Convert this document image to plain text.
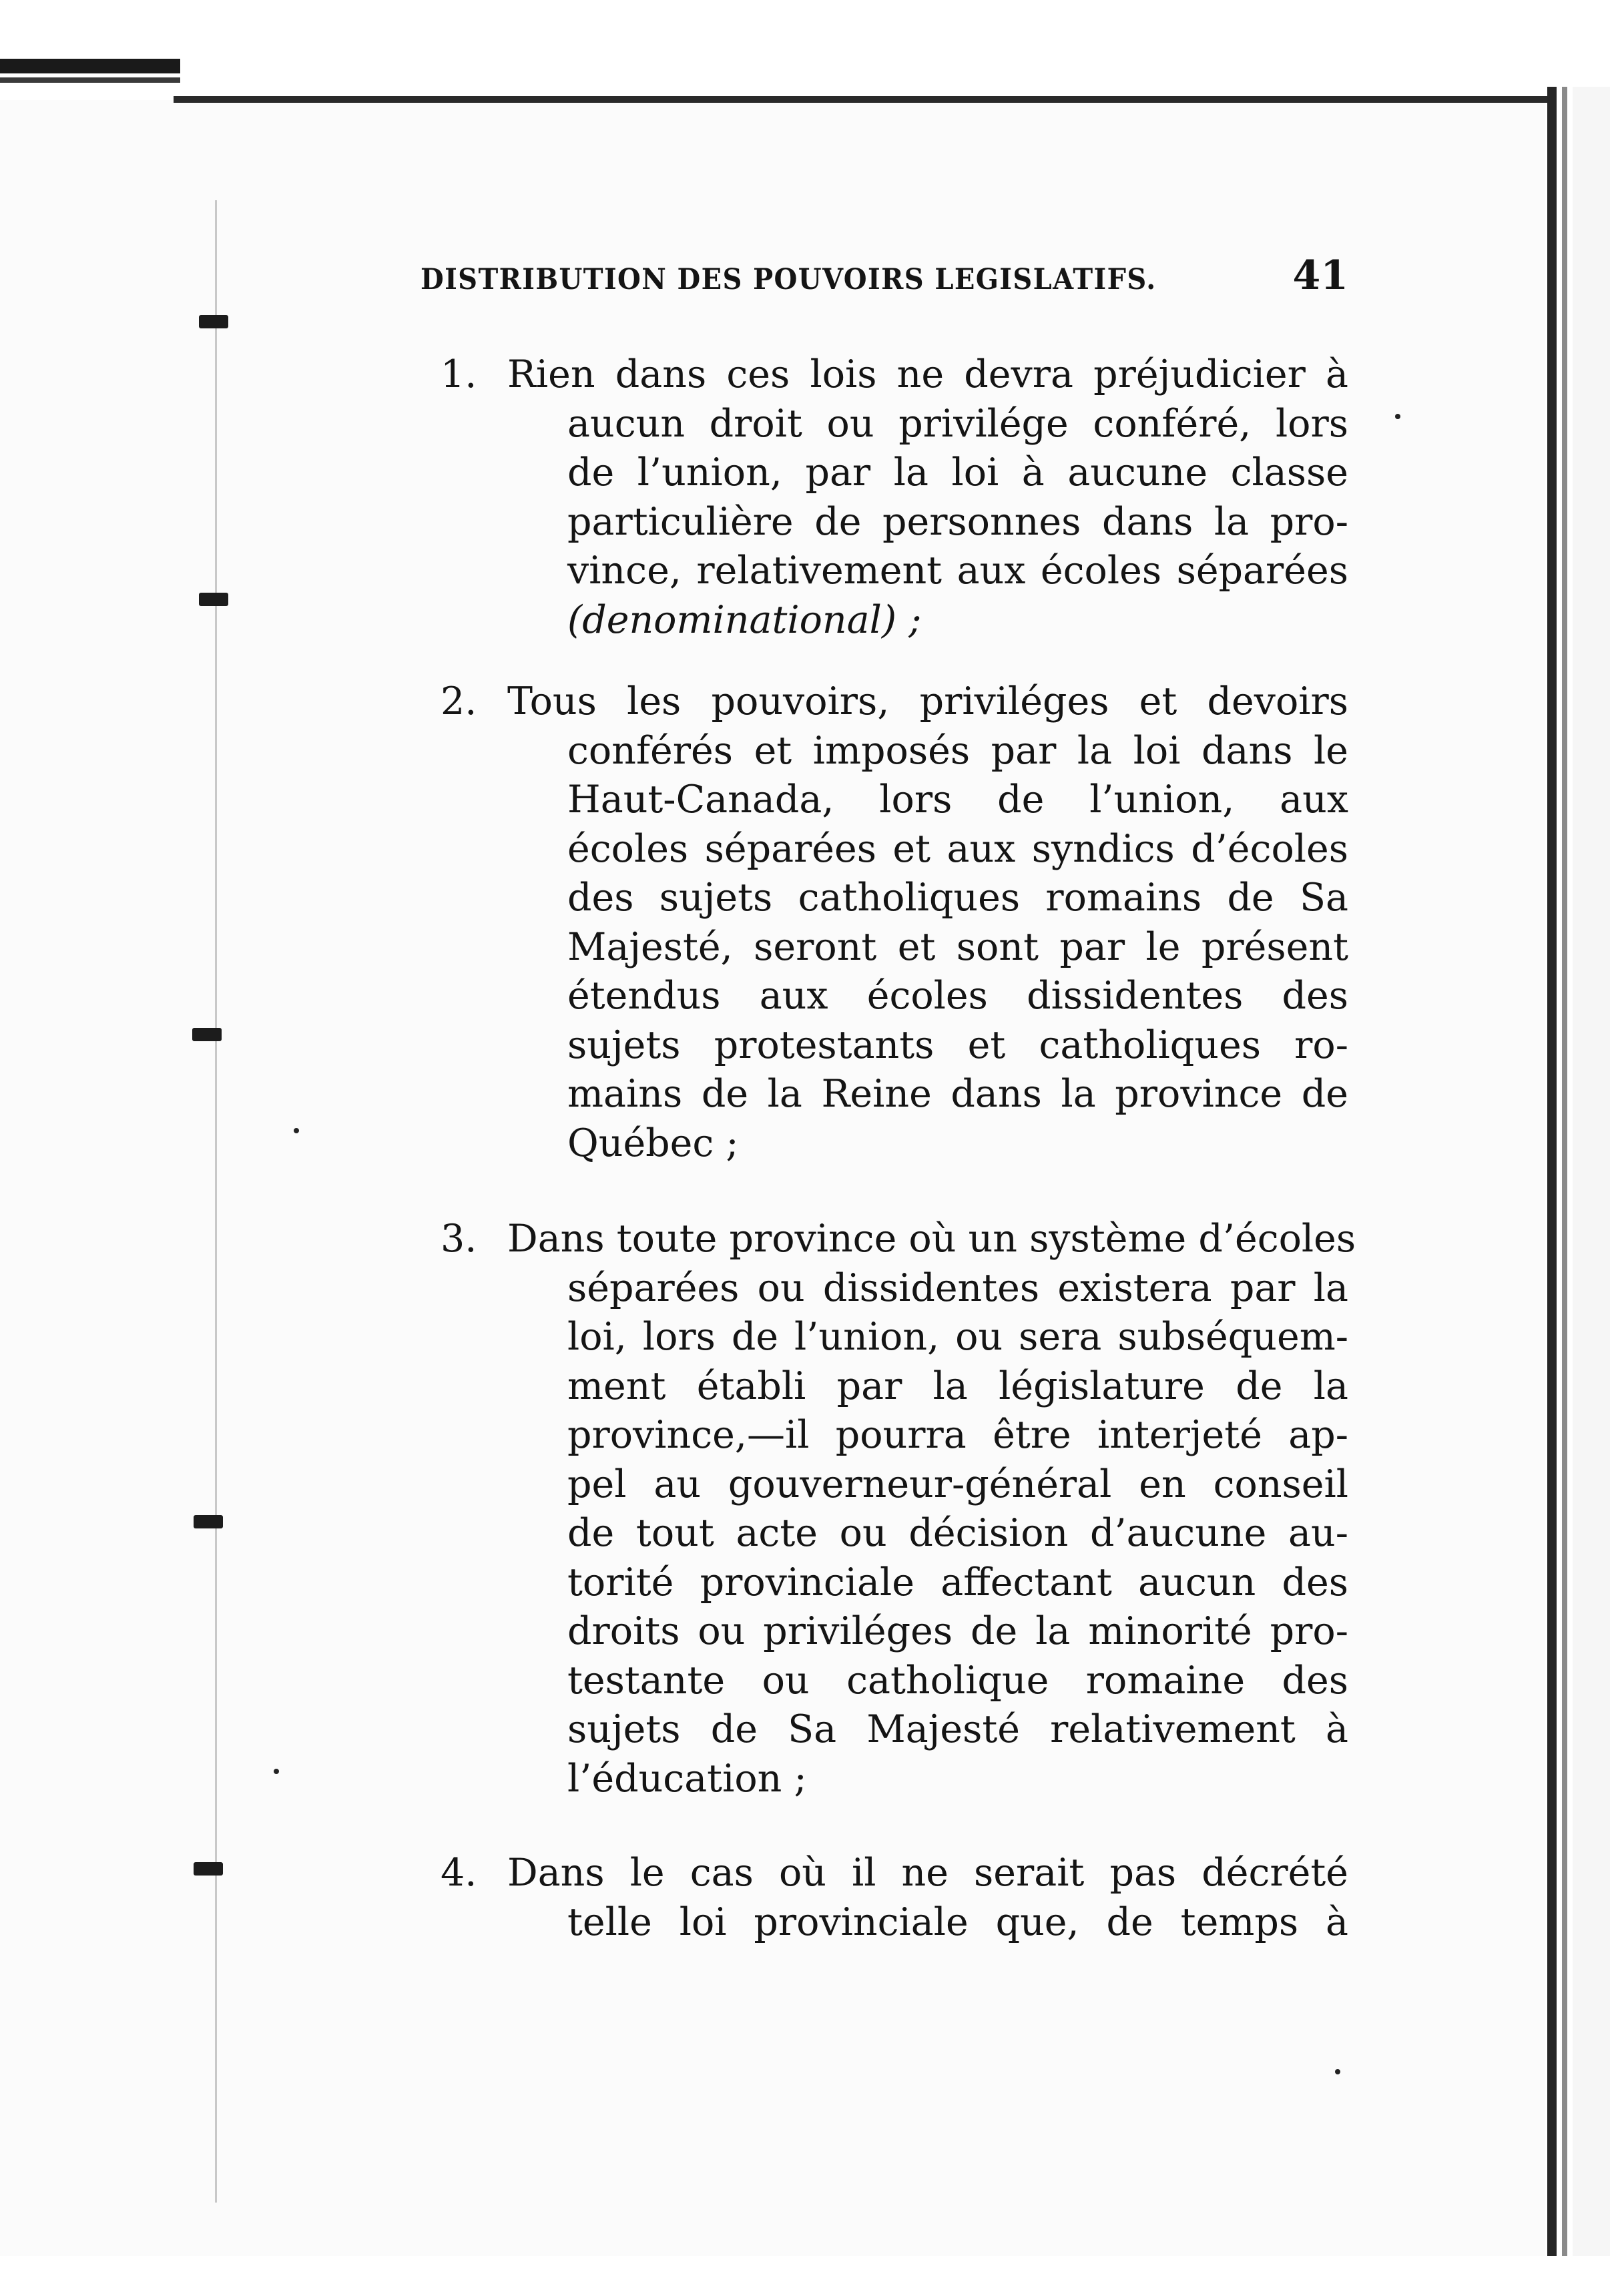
DISTRIBUTION DES POUVOIRS LEGISLATIFS.	41
1. Rien dans ces lois ne devra préjudicier à
aucun droit ou privilége conféré, lors
de l’union, par la loi à aucune classe
particulière de personnes dans la pro-
vince, relativement aux écoles séparées
(denominational) ;
2. Tous les pouvoirs, priviléges et devoirs
conférés et imposés par la loi dans le
Haut-Canada, lors de l’union, aux
écoles séparées et aux syndics d’écoles
des sujets catholiques romains de Sa
Majesté, seront et sont par le présent
étendus aux écoles dissidentes des
sujets protestants et catholiques ro-
mains de la Reine dans la province de
Québec ;
3. Dans toute province où un système d’écoles
séparées ou dissidentes existera par la
loi, lors de l’union, ou sera subséquem-
ment établi par la législature de la
province,—il pourra être interjeté ap-
pel au gouverneur-général en conseil
de tout acte ou décision d’aucune au-
torité provinciale affectant aucun des
droits ou priviléges de la minorité pro-
testante ou catholique romaine des
sujets de Sa Majesté relativement à
l’éducation ;
4. Dans le cas où il ne serait pas décrété
telle loi provinciale que, de temps à
